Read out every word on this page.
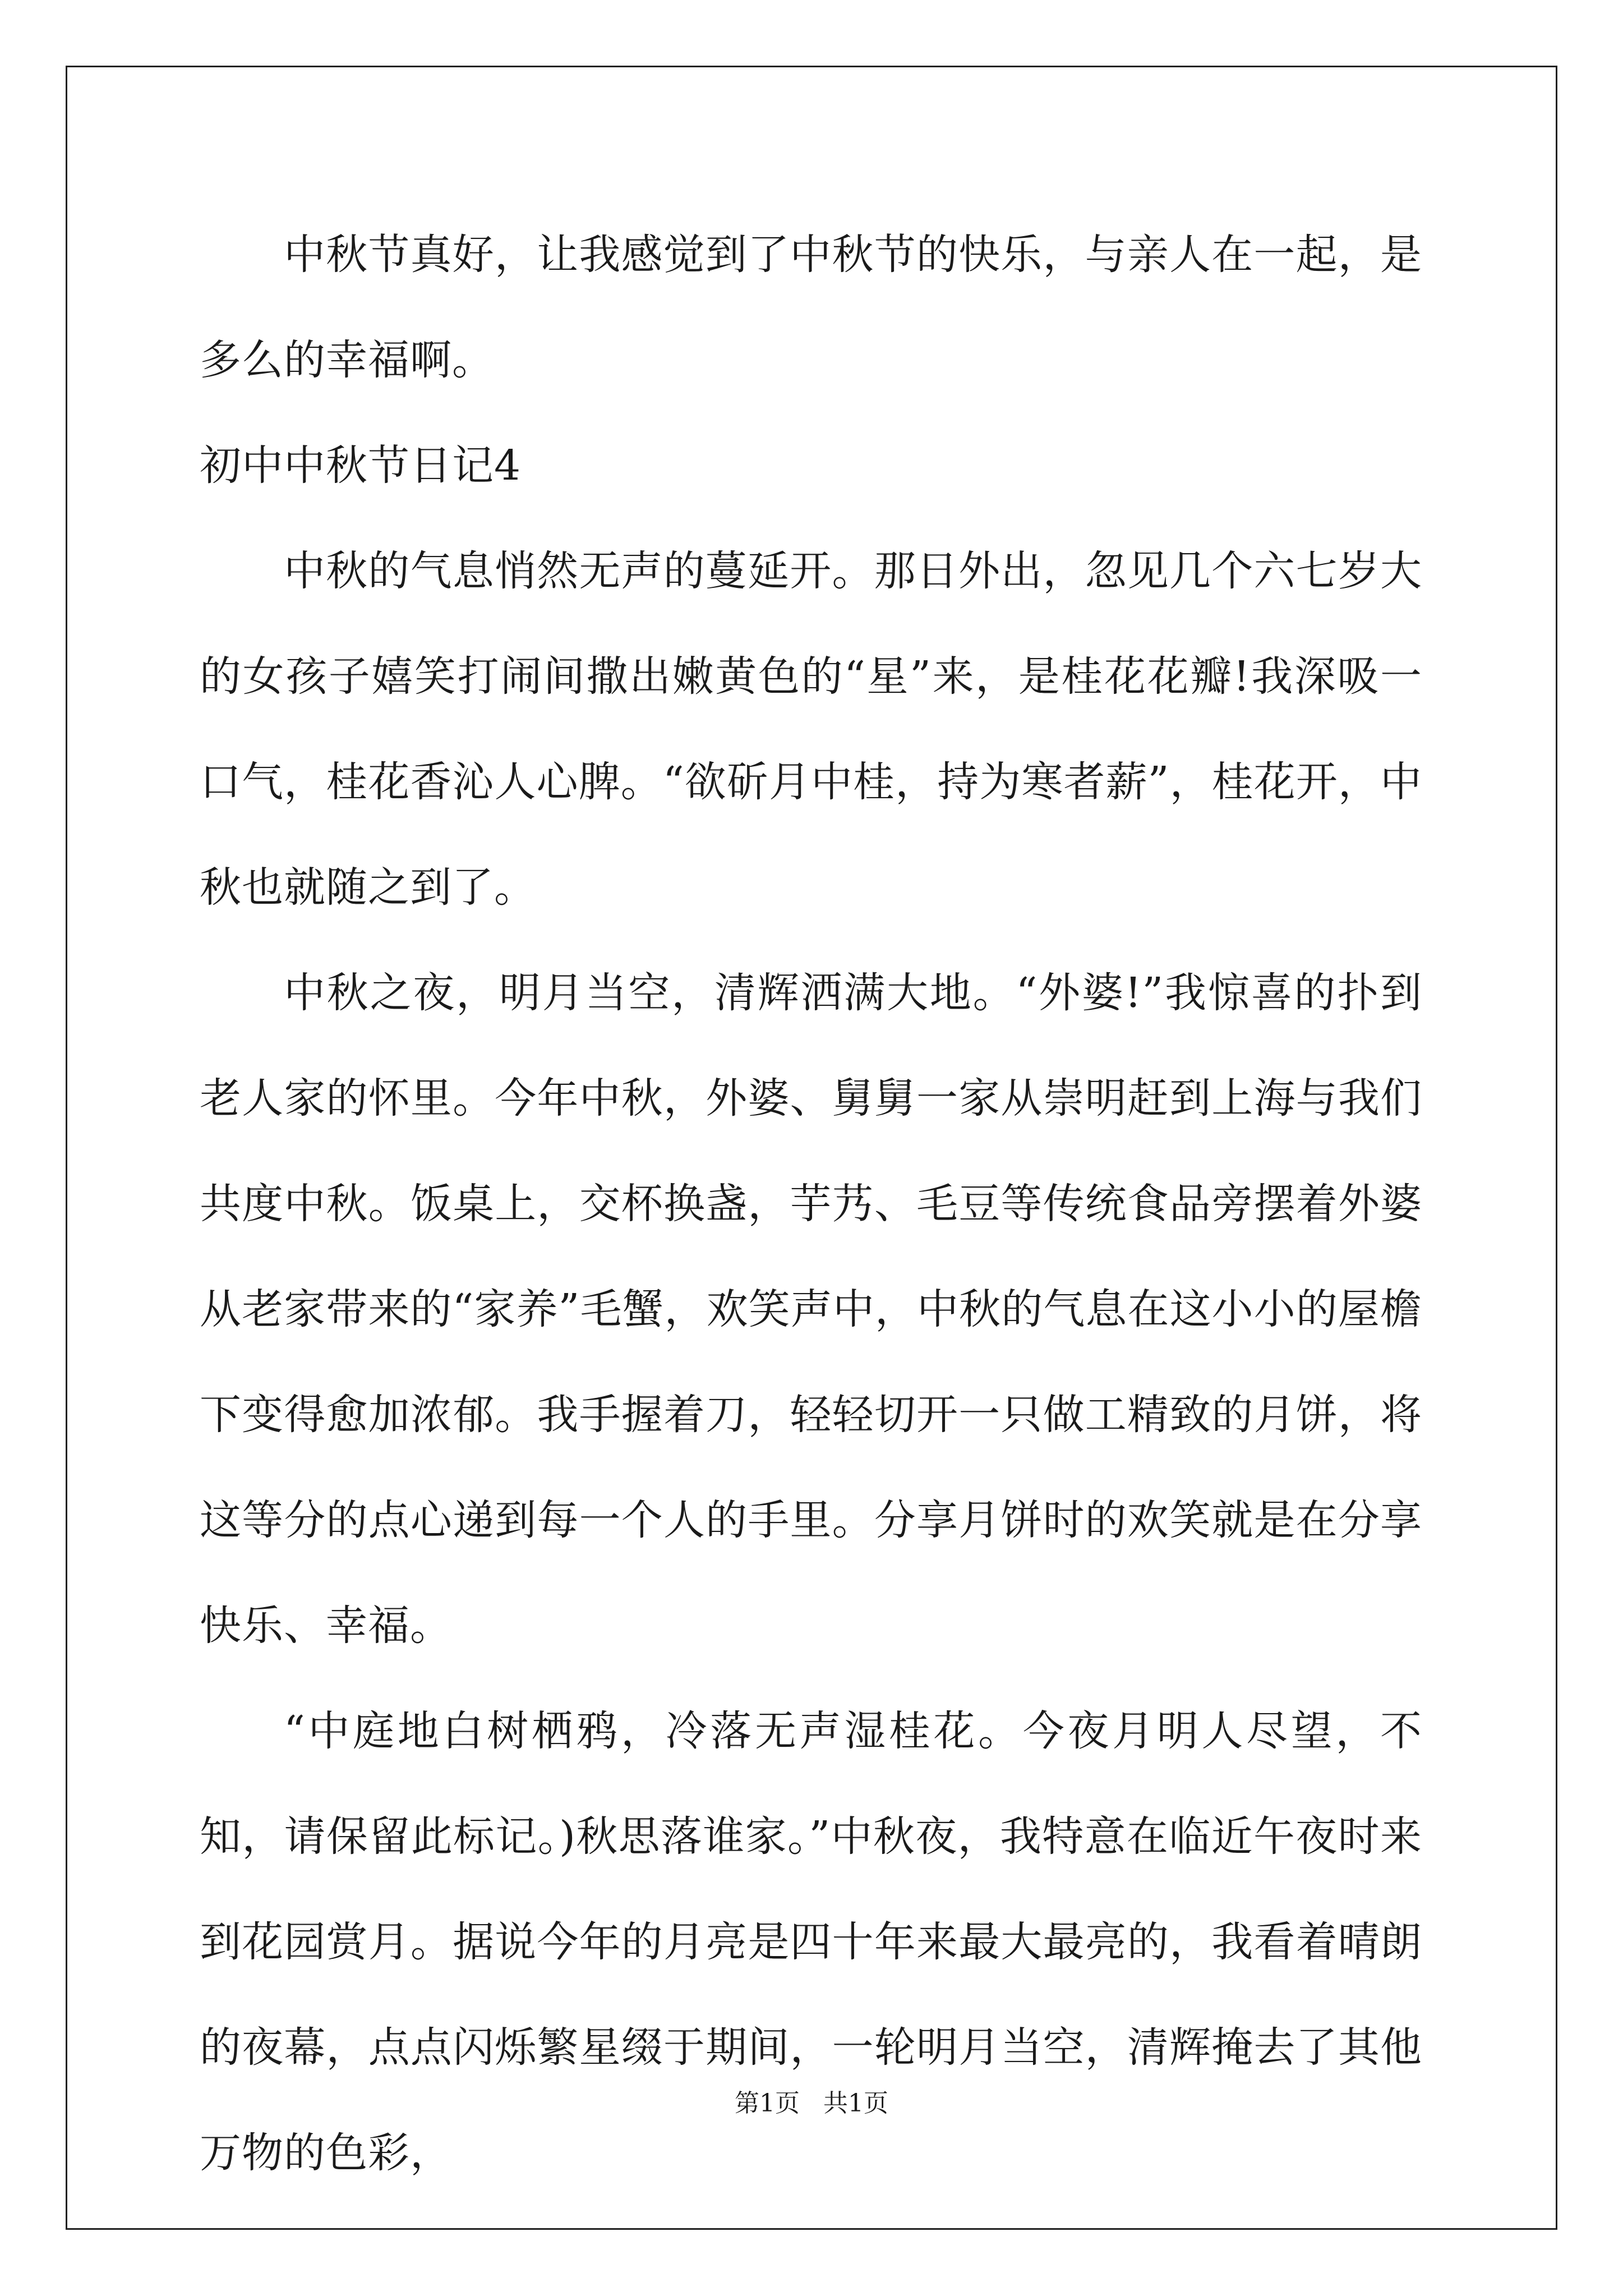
中秋节真好，让我感觉到了中秋节的快乐，与亲人在一起，是多么的幸福啊。

初中中秋节日记4

中秋的气息悄然无声的蔓延开。那日外出，忽见几个六七岁大的女孩子嬉笑打闹间撒出嫩黄色的“星”来，是桂花花瓣!我深吸一口气，桂花香沁人心脾。“欲斫月中桂，持为寒者薪”，桂花开，中秋也就随之到了。

中秋之夜，明月当空，清辉洒满大地。“外婆!”我惊喜的扑到老人家的怀里。今年中秋，外婆、舅舅一家从崇明赶到上海与我们共度中秋。饭桌上，交杯换盏，芋艿、毛豆等传统食品旁摆着外婆从老家带来的“家养”毛蟹，欢笑声中，中秋的气息在这小小的屋檐下变得愈加浓郁。我手握着刀，轻轻切开一只做工精致的月饼，将这等分的点心递到每一个人的手里。分享月饼时的欢笑就是在分享快乐、幸福。

“中庭地白树栖鸦，冷落无声湿桂花。今夜月明人尽望，不知，请保留此标记。)秋思落谁家。”中秋夜，我特意在临近午夜时来到花园赏月。据说今年的月亮是四十年来最大最亮的，我看着晴朗的夜幕，点点闪烁繁星缀于期间，一轮明月当空，清辉掩去了其他万物的色彩，

第1页 共1页
